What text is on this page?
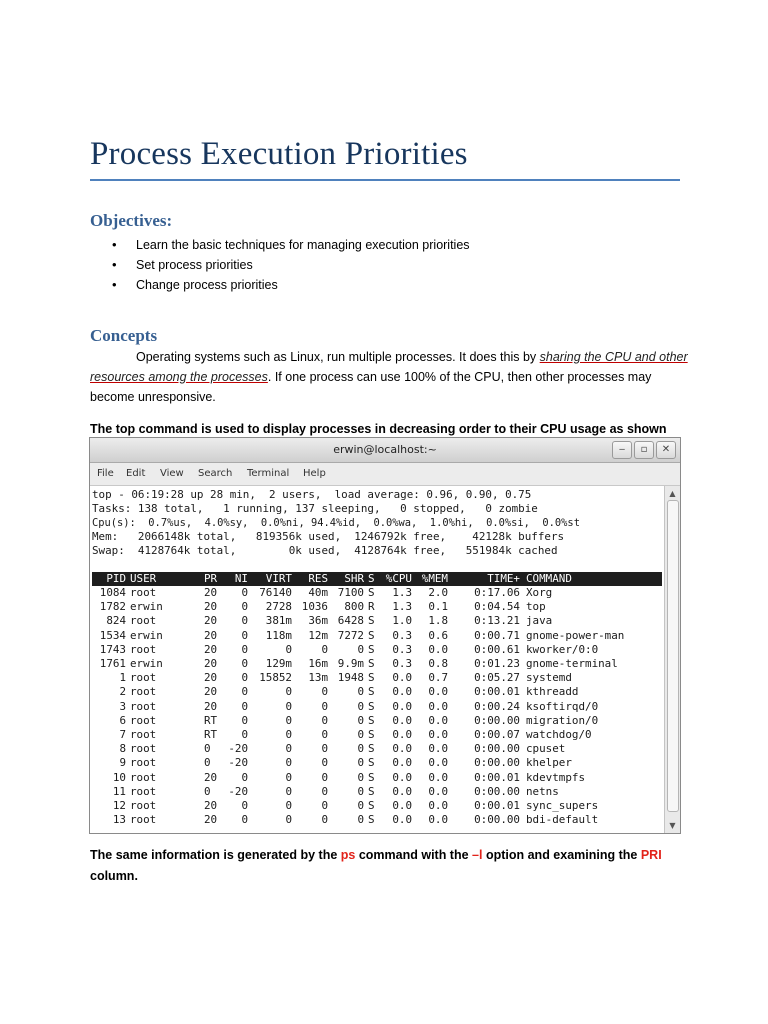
Process Execution Priorities
Objectives:
• Learn the basic techniques for managing execution priorities
• Set process priorities
• Change process priorities
Concepts
Operating systems such as Linux, run multiple processes. It does this by sharing the CPU and other resources among the processes. If one process can use 100% of the CPU, then other processes may become unresponsive.
The top command is used to display processes in decreasing order to their CPU usage as shown
erwin@localhost:~	‒	▫	✕
File Edit View Search Terminal Help
top - 06:19:28 up 28 min,  2 users,  load average: 0.96, 0.90, 0.75
Tasks: 138 total,   1 running, 137 sleeping,   0 stopped,   0 zombie
Cpu(s):  0.7%us,  4.0%sy,  0.0%ni, 94.4%id,  0.0%wa,  1.0%hi,  0.0%si,  0.0%st
Mem:   2066148k total,   819356k used,  1246792k free,    42128k buffers
Swap:  4128764k total,        0k used,  4128764k free,   551984k cached
PID USER	PR	NI	VIRT	RES	SHR S	%CPU %MEM	TIME+ COMMAND
1084 root	20	0	76140	40m 7100 S	1.3	2.0	0:17.06 Xorg
1782 erwin	20	0	2728 1036	800 R	1.3	0.1	0:04.54 top
824 root	20	0	381m	36m 6428 S	1.0	1.8	0:13.21 java
1534 erwin	20	0	118m	12m 7272 S	0.3	0.6	0:00.71 gnome-power-man
1743 root	20	0	0	0	0 S	0.3	0.0	0:00.61 kworker/0:0
1761 erwin	20	0	129m	16m 9.9m S	0.3	0.8	0:01.23 gnome-terminal
1 root	20	0	15852	13m 1948 S	0.0	0.7	0:05.27 systemd
2 root	20	0	0	0	0 S	0.0	0.0	0:00.01 kthreadd
3 root	20	0	0	0	0 S	0.0	0.0	0:00.24 ksoftirqd/0
6 root	RT	0	0	0	0 S	0.0	0.0	0:00.00 migration/0
7 root	RT	0	0	0	0 S	0.0	0.0	0:00.07 watchdog/0
8 root	0	-20	0	0	0 S	0.0	0.0	0:00.00 cpuset
9 root	0	-20	0	0	0 S	0.0	0.0	0:00.00 khelper
10 root	20	0	0	0	0 S	0.0	0.0	0:00.01 kdevtmpfs
11 root	0	-20	0	0	0 S	0.0	0.0	0:00.00 netns
12 root	20	0	0	0	0 S	0.0	0.0	0:00.01 sync_supers
13 root	20	0	0	0	0 S	0.0	0.0	0:00.00 bdi-default
▲
▼
The same information is generated by the ps command with the –l option and examining the PRI column.
